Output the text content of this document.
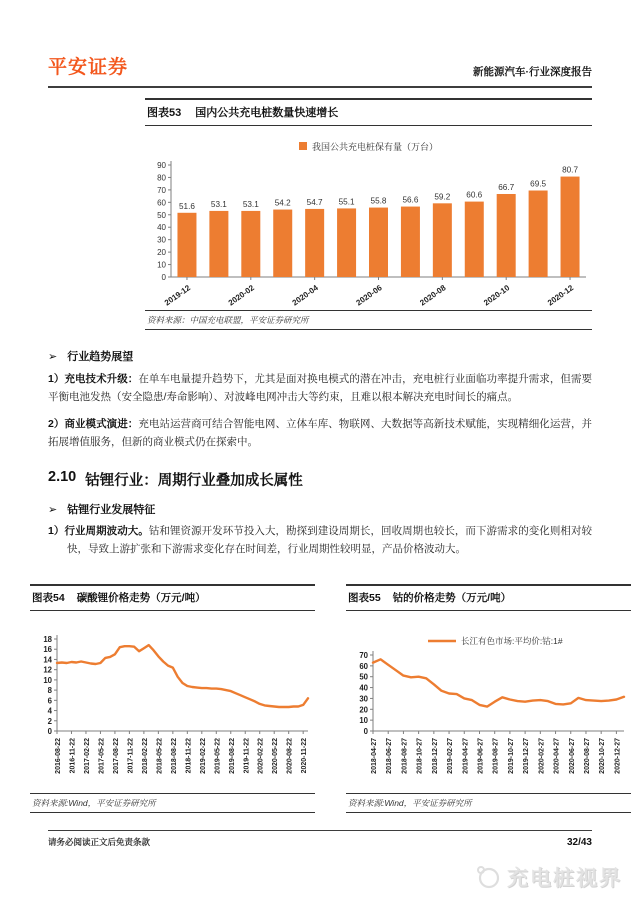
平安证券	新能源汽车·行业深度报告
图表53 国内公共充电桩数量快速增长
我国公共充电桩保有量（万台）
0
10
20
30
40
50
60
70
80
90
51.6
2019-12
53.1 53.1
2020-02
54.2 54.7
2020-04
55.1 55.8
2020-06
56.6 59.2
2020-08
60.6
66.7
2020-10
69.5
80.7
2020-12
资料来源：中国充电联盟，平安证券研究所
➢ 行业趋势展望
1）充电技术升级：在单车电量提升趋势下，尤其是面对换电模式的潜在冲击，充电桩行业面临功率提升需求，但需要平衡电池发热（安全隐患/寿命影响）、对波峰电网冲击大等约束，且难以根本解决充电时间长的痛点。
2）商业模式演进：充电站运营商可结合智能电网、立体车库、物联网、大数据等高新技术赋能，实现精细化运营，并拓展增值服务，但新的商业模式仍在探索中。
2.10 钴锂行业：周期行业叠加成长属性
➢ 钴锂行业发展特征
1）行业周期波动大。钴和锂资源开发环节投入大，勘探到建设周期长，回收周期也较长，而下游需求的变化则相对较快，导致上游扩张和下游需求变化存在时间差，行业周期性较明显，产品价格波动大。
图表54 碳酸锂价格走势（万元/吨）
0
2
4
6
8
10
12
14
16
18
2016-08-22 2016-11-22 2017-02-22 2017-05-22 2017-08-22 2017-11-22 2018-02-22 2018-05-22 2018-08-22 2018-11-22 2019-02-22 2019-05-22 2019-08-22 2019-11-22 2020-02-22 2020-05-22 2020-08-22 2020-11-22
资料来源:Wind，平安证券研究所
图表55 钴的价格走势（万元/吨）
长江有色市场:平均价:钴:1#
0
10
20
30
40
50
60
70
2018-04-27 2018-06-27 2018-08-27 2018-10-27 2018-12-27 2019-02-27 2019-04-27 2019-06-27 2019-08-27 2019-10-27 2019-12-27 2020-02-27 2020-04-27 2020-06-27 2020-08-27 2020-10-27 2020-12-27
资料来源:Wind，平安证券研究所
请务必阅读正文后免责条款	32/43
充电桩视界
